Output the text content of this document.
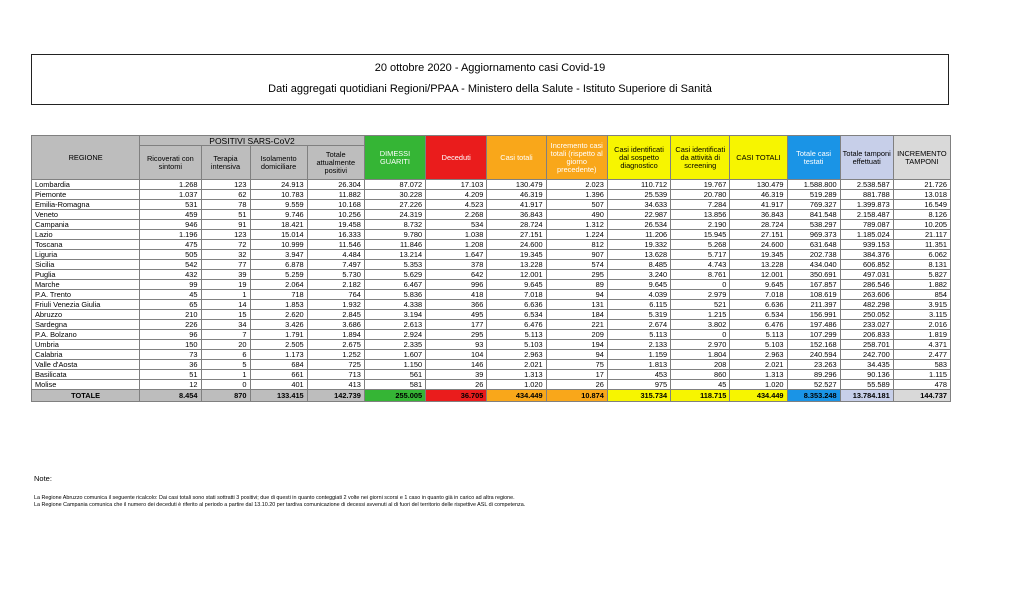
20 ottobre 2020 - Aggiornamento casi Covid-19
Dati aggregati quotidiani Regioni/PPAA - Ministero della Salute - Istituto Superiore di Sanità
REGIONE	POSITIVI SARS-CoV2				DIMESSI GUARITI	Deceduti	Casi totali	Incremento casi totali (rispetto al giorno precedente)	Casi identificati dal sospetto diagnostico	Casi identificati da attività di screening	CASI TOTALI	Totale casi testati	Totale tamponi effettuati	INCREMENTO TAMPONI
	Ricoverati con sintomi	Terapia intensiva	Isolamento domiciliare	Totale attualmente positivi										
Lombardia	1.268	123	24.913	26.304	87.072	17.103	130.479	2.023	110.712	19.767	130.479	1.588.800	2.538.587	21.726
Piemonte	1.037	62	10.783	11.882	30.228	4.209	46.319	1.396	25.539	20.780	46.319	519.289	881.788	13.018
Emilia-Romagna	531	78	9.559	10.168	27.226	4.523	41.917	507	34.633	7.284	41.917	769.327	1.399.873	16.549
Veneto	459	51	9.746	10.256	24.319	2.268	36.843	490	22.987	13.856	36.843	841.548	2.158.487	8.126
Campania	946	91	18.421	19.458	8.732	534	28.724	1.312	26.534	2.190	28.724	538.297	789.087	10.205
Lazio	1.196	123	15.014	16.333	9.780	1.038	27.151	1.224	11.206	15.945	27.151	969.373	1.185.024	21.117
Toscana	475	72	10.999	11.546	11.846	1.208	24.600	812	19.332	5.268	24.600	631.648	939.153	11.351
Liguria	505	32	3.947	4.484	13.214	1.647	19.345	907	13.628	5.717	19.345	202.738	384.376	6.062
Sicilia	542	77	6.878	7.497	5.353	378	13.228	574	8.485	4.743	13.228	434.040	606.852	8.131
Puglia	432	39	5.259	5.730	5.629	642	12.001	295	3.240	8.761	12.001	350.691	497.031	5.827
Marche	99	19	2.064	2.182	6.467	996	9.645	89	9.645	0	9.645	167.857	286.546	1.882
P.A. Trento	45	1	718	764	5.836	418	7.018	94	4.039	2.979	7.018	108.619	263.606	854
Friuli Venezia Giulia	65	14	1.853	1.932	4.338	366	6.636	131	6.115	521	6.636	211.397	482.298	3.915
Abruzzo	210	15	2.620	2.845	3.194	495	6.534	184	5.319	1.215	6.534	156.991	250.052	3.115
Sardegna	226	34	3.426	3.686	2.613	177	6.476	221	2.674	3.802	6.476	197.486	233.027	2.016
P.A. Bolzano	96	7	1.791	1.894	2.924	295	5.113	209	5.113	0	5.113	107.299	206.833	1.819
Umbria	150	20	2.505	2.675	2.335	93	5.103	194	2.133	2.970	5.103	152.168	258.701	4.371
Calabria	73	6	1.173	1.252	1.607	104	2.963	94	1.159	1.804	2.963	240.594	242.700	2.477
Valle d'Aosta	36	5	684	725	1.150	146	2.021	75	1.813	208	2.021	23.263	34.435	583
Basilicata	51	1	661	713	561	39	1.313	17	453	860	1.313	89.296	90.136	1.115
Molise	12	0	401	413	581	26	1.020	26	975	45	1.020	52.527	55.589	478
TOTALE	8.454	870	133.415	142.739	255.005	36.705	434.449	10.874	315.734	118.715	434.449	8.353.248	13.784.181	144.737
Note:
La Regione Abruzzo comunica il seguente ricalcolo: Dai casi totali sono stati sottratti 3 positivi; due di questi in quanto conteggiati 2 volte nei giorni scorsi e 1 caso in quanto già in carico ad altra regione.
La Regione Campania comunica che il numero dei deceduti è riferito al periodo a partire dal 13.10.20 per tardiva comunicazione di decessi avvenuti al di fuori del territorio delle rispettive ASL di competenza.
